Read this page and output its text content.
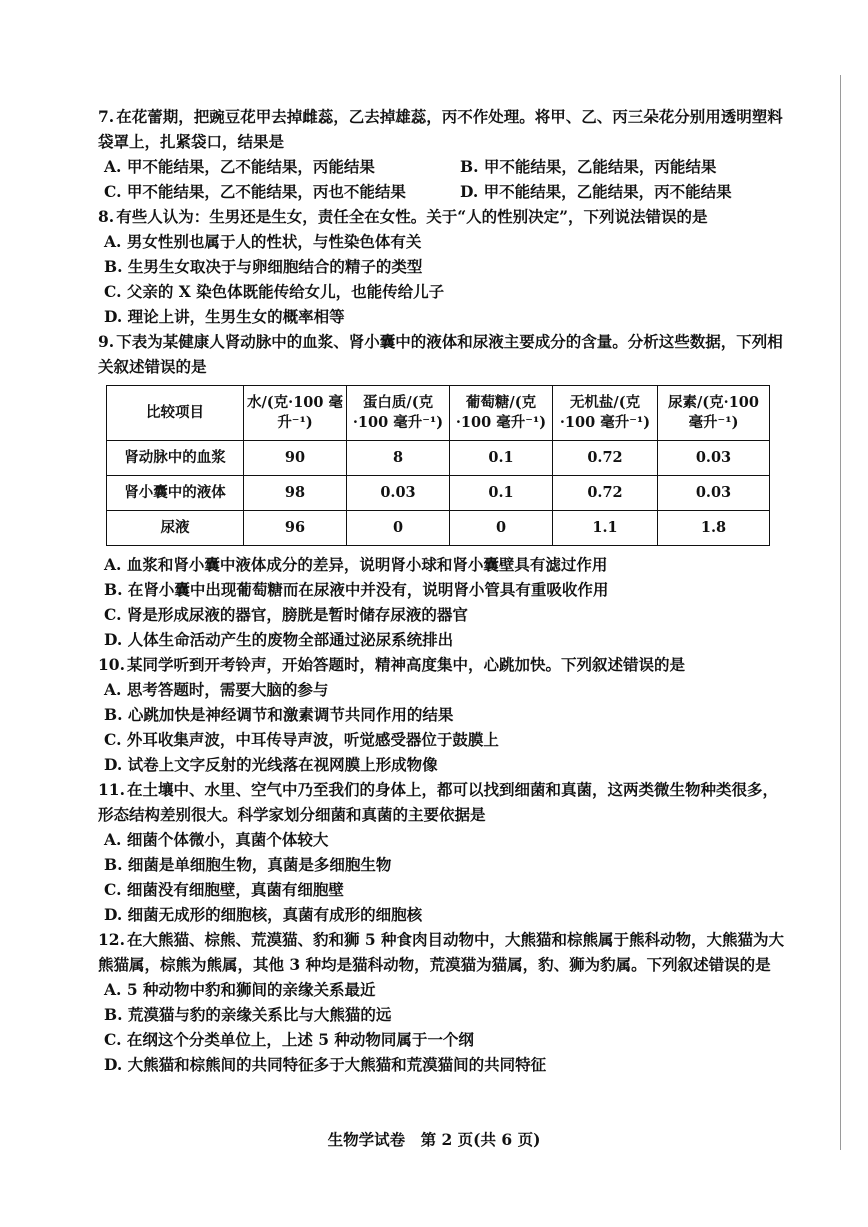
7. 在花蕾期，把豌豆花甲去掉雌蕊，乙去掉雄蕊，丙不作处理。将甲、乙、丙三朵花分别用透明塑料袋罩上，扎紧袋口，结果是
A. 甲不能结果，乙不能结果，丙能结果	B. 甲不能结果，乙能结果，丙能结果
C. 甲不能结果，乙不能结果，丙也不能结果	D. 甲不能结果，乙能结果，丙不能结果
8. 有些人认为：生男还是生女，责任全在女性。关于“人的性别决定”，下列说法错误的是
A. 男女性别也属于人的性状，与性染色体有关
B. 生男生女取决于与卵细胞结合的精子的类型
C. 父亲的 X 染色体既能传给女儿，也能传给儿子
D. 理论上讲，生男生女的概率相等
9. 下表为某健康人肾动脉中的血浆、肾小囊中的液体和尿液主要成分的含量。分析这些数据，下列相关叙述错误的是
比较项目	水/(克·100 毫升⁻¹)	蛋白质/(克·100 毫升⁻¹)	葡萄糖/(克·100 毫升⁻¹)	无机盐/(克·100 毫升⁻¹)	尿素/(克·100 毫升⁻¹)
肾动脉中的血浆	90	8	0.1	0.72	0.03
肾小囊中的液体	98	0.03	0.1	0.72	0.03
尿液	96	0	0	1.1	1.8
A. 血浆和肾小囊中液体成分的差异，说明肾小球和肾小囊壁具有滤过作用
B. 在肾小囊中出现葡萄糖而在尿液中并没有，说明肾小管具有重吸收作用
C. 肾是形成尿液的器官，膀胱是暂时储存尿液的器官
D. 人体生命活动产生的废物全部通过泌尿系统排出
10. 某同学听到开考铃声，开始答题时，精神高度集中，心跳加快。下列叙述错误的是
A. 思考答题时，需要大脑的参与
B. 心跳加快是神经调节和激素调节共同作用的结果
C. 外耳收集声波，中耳传导声波，听觉感受器位于鼓膜上
D. 试卷上文字反射的光线落在视网膜上形成物像
11. 在土壤中、水里、空气中乃至我们的身体上，都可以找到细菌和真菌，这两类微生物种类很多，形态结构差别很大。科学家划分细菌和真菌的主要依据是
A. 细菌个体微小，真菌个体较大
B. 细菌是单细胞生物，真菌是多细胞生物
C. 细菌没有细胞壁，真菌有细胞壁
D. 细菌无成形的细胞核，真菌有成形的细胞核
12. 在大熊猫、棕熊、荒漠猫、豹和狮 5 种食肉目动物中，大熊猫和棕熊属于熊科动物，大熊猫为大熊猫属，棕熊为熊属，其他 3 种均是猫科动物，荒漠猫为猫属，豹、狮为豹属。下列叙述错误的是
A. 5 种动物中豹和狮间的亲缘关系最近
B. 荒漠猫与豹的亲缘关系比与大熊猫的远
C. 在纲这个分类单位上，上述 5 种动物同属于一个纲
D. 大熊猫和棕熊间的共同特征多于大熊猫和荒漠猫间的共同特征
生物学试卷　第 2 页(共 6 页)
